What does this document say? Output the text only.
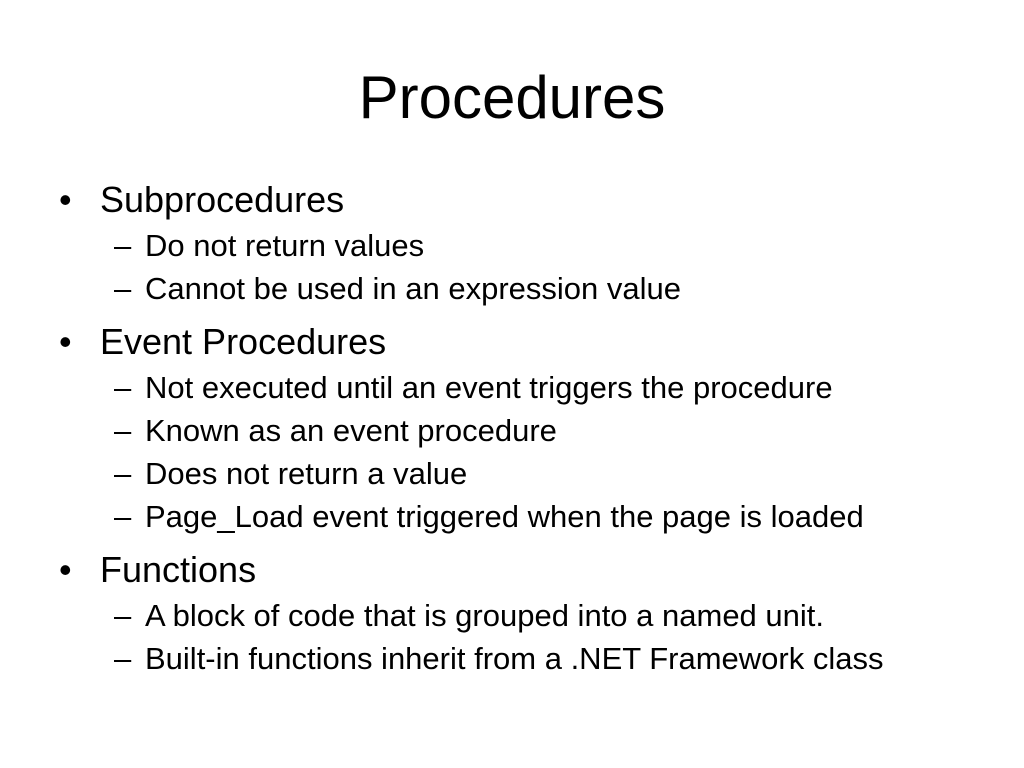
Procedures
• Subprocedures
– Do not return values
– Cannot be used in an expression value
• Event Procedures
– Not executed until an event triggers the procedure
– Known as an event procedure
– Does not return a value
– Page_Load event triggered when the page is loaded
• Functions
– A block of code that is grouped into a named unit.
– Built-in functions inherit from a .NET Framework class
